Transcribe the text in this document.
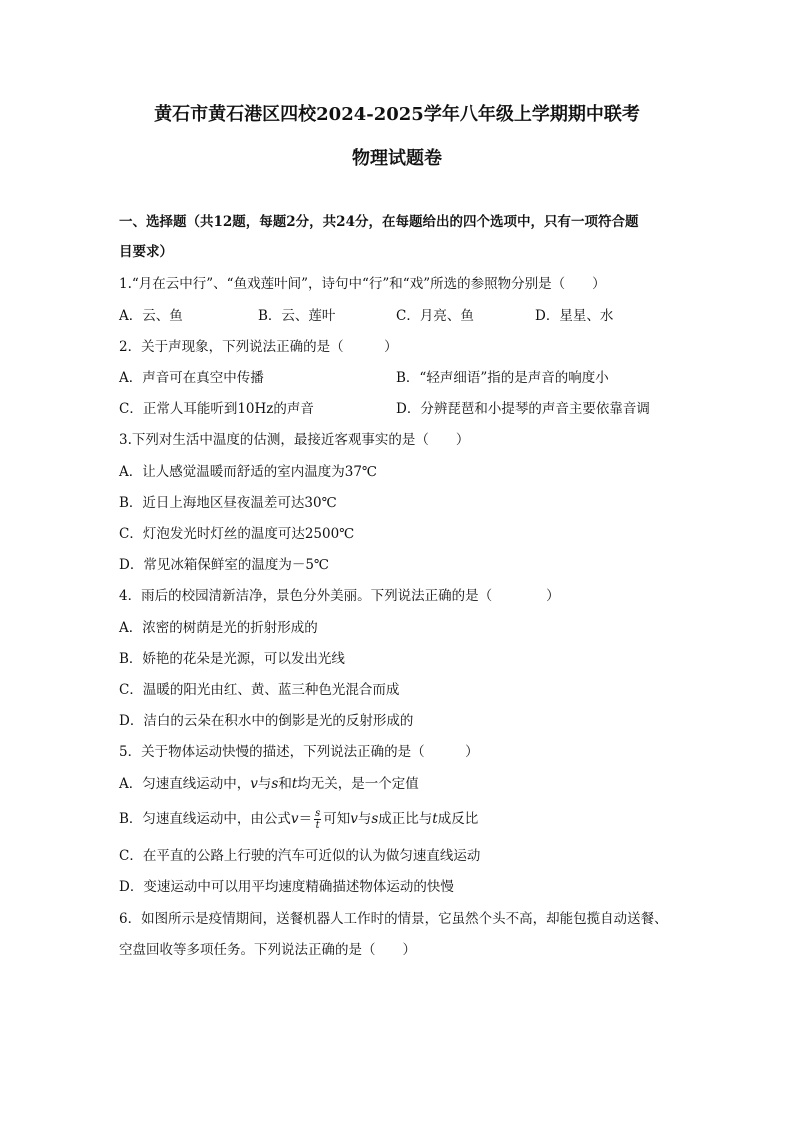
黄石市黄石港区四校2024-2025学年八年级上学期期中联考
物理试题卷
一、选择题（共12题，每题2分，共24分，在每题给出的四个选项中，只有一项符合题
目要求）
1.“月在云中行”、“鱼戏莲叶间”，诗句中“行”和“戏”所选的参照物分别是（　　）
A．云、鱼	B．云、莲叶	C．月亮、鱼	D．星星、水
2．关于声现象，下列说法正确的是（　　　）
A．声音可在真空中传播	B．“轻声细语”指的是声音的响度小
C．正常人耳能听到10Hz的声音	D．分辨琵琶和小提琴的声音主要依靠音调
3.下列对生活中温度的估测，最接近客观事实的是（　　）
A．让人感觉温暖而舒适的室内温度为37℃
B．近日上海地区昼夜温差可达30℃
C．灯泡发光时灯丝的温度可达2500℃
D．常见冰箱保鲜室的温度为－5℃
4．雨后的校园清新洁净，景色分外美丽。下列说法正确的是（　　　　）
A．浓密的树荫是光的折射形成的
B．娇艳的花朵是光源，可以发出光线
C．温暖的阳光由红、黄、蓝三种色光混合而成
D．洁白的云朵在积水中的倒影是光的反射形成的
5．关于物体运动快慢的描述，下列说法正确的是（　　　）
A．匀速直线运动中，v与s和t均无关，是一个定值
B．匀速直线运动中，由公式$v= \frac{s}{t}$ 可知v与s成正比与t成反比
C．在平直的公路上行驶的汽车可近似的认为做匀速直线运动
D．变速运动中可以用平均速度精确描述物体运动的快慢
6．如图所示是疫情期间，送餐机器人工作时的情景，它虽然个头不高，却能包揽自动送餐、
空盘回收等多项任务。下列说法正确的是（　　）
